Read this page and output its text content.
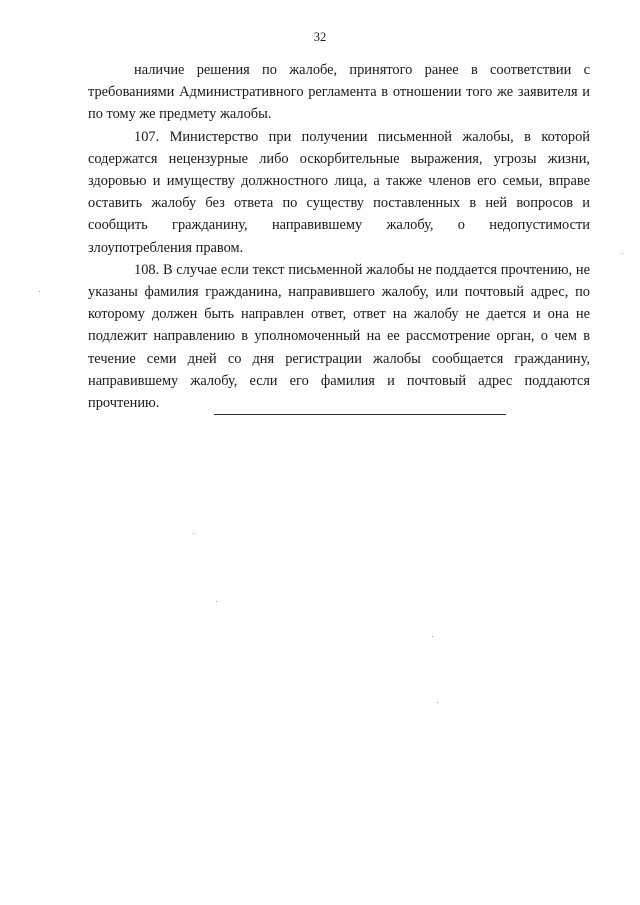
32

наличие решения по жалобе, принятого ранее в соответствии с требованиями Административного регламента в отношении того же заявителя и по тому же предмету жалобы.

107. Министерство при получении письменной жалобы, в которой содержатся нецензурные либо оскорбительные выражения, угрозы жизни, здоровью и имуществу должностного лица, а также членов его семьи, вправе оставить жалобу без ответа по существу поставленных в ней вопросов и сообщить гражданину, направившему жалобу, о недопустимости злоупотребления правом.

108. В случае если текст письменной жалобы не поддается прочтению, не указаны фамилия гражданина, направившего жалобу, или почтовый адрес, по которому должен быть направлен ответ, ответ на жалобу не дается и она не подлежит направлению в уполномоченный на ее рассмотрение орган, о чем в течение семи дней со дня регистрации жалобы сообщается гражданину, направившему жалобу, если его фамилия и почтовый адрес поддаются прочтению.
